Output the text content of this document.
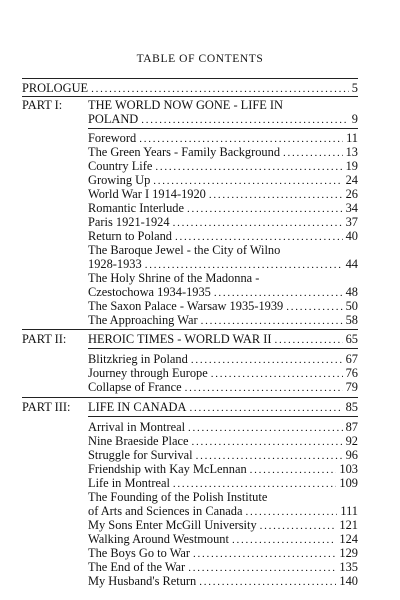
TABLE OF CONTENTS
PROLOGUE . . .	5
PART I: THE WORLD NOW GONE - LIFE IN
POLAND . . .	9
Foreword . . .	11
The Green Years - Family Background . . .	13
Country Life . . .	19
Growing Up . . .	24
World War I 1914-1920 . . .	26
Romantic Interlude . . .	34
Paris 1921-1924 . . .	37
Return to Poland . . .	40
The Baroque Jewel - the City of Wilno
1928-1933 . . .	44
The Holy Shrine of the Madonna -
Czestochowa 1934-1935 . . .	48
The Saxon Palace - Warsaw 1935-1939 . . .	50
The Approaching War . . .	58
PART II: HEROIC TIMES - WORLD WAR II . . .	65
Blitzkrieg in Poland . . .	67
Journey through Europe . . .	76
Collapse of France . . .	79
PART III: LIFE IN CANADA . . .	85
Arrival in Montreal . . .	87
Nine Braeside Place . . .	92
Struggle for Survival . . .	96
Friendship with Kay McLennan . . .	103
Life in Montreal . . .	109
The Founding of the Polish Institute
of Arts and Sciences in Canada . . .	111
My Sons Enter McGill University . . .	121
Walking Around Westmount . . .	124
The Boys Go to War . . .	129
The End of the War . . .	135
My Husband's Return . . .	140
